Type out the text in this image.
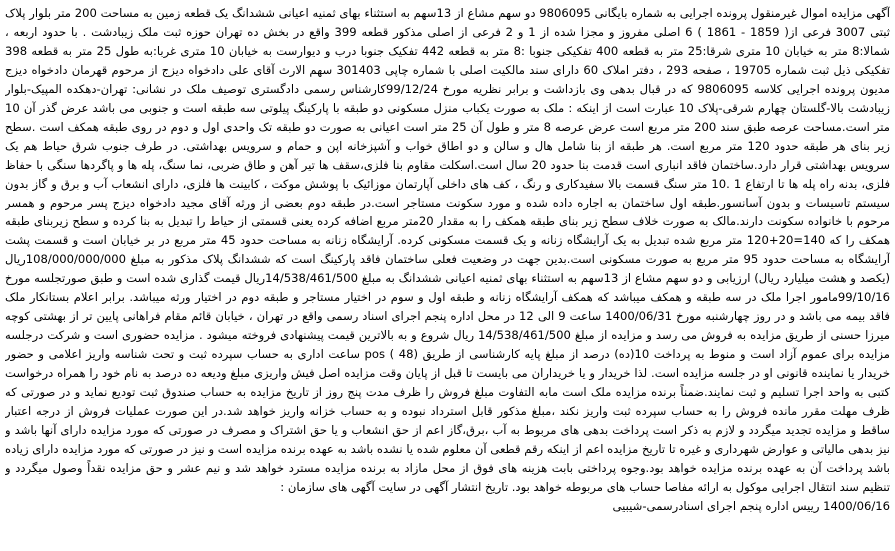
آگهی مزایده اموال غیرمنقول پرونده اجرایی به شماره بایگانی 9806095 دو سهم مشاع از 13سهم به استثناء بهای ثمنیه اعیانی ششدانگ یک قطعه زمین به مساحت 200 متر بلوار پلاک ثبتی 3007 فرعی از( 1859 - 1861 ) 6 اصلی مفروز و مجزا شده از 1 و 2 فرعی از اصلی مذکور قطعه 399 واقع در بخش ده تهران حوزه ثبت ملک زیبادشت . با حدود اربعه ، شمالا:8 متر به خیابان 10 متری شرقا:25 متر به قطعه 400 تفکیکی جنوبا :8 متر به قطعه 442 تفکیک جنوبا درب و دیوارست به خیابان 10 متری غربا:به طول 25 متر به قطعه 398 تفکیکی ذیل ثبت شماره 19705 ، صفحه 293 ، دفتر املاک 60 دارای سند مالکیت اصلی با شماره چاپی 301403 سهم الارث آقای علی دادخواه دیزج از مرحوم قهرمان دادخواه دیزج مدیون پرونده اجرایی کلاسه 9806095 که در قبال بدهی وی بازداشت و برابر نظریه مورخ 99/12/24کارشناس رسمی دادگستری توصیف ملک در نشانی: تهران-دهکده المپیک-بلوار زیبادشت بالا-گلستان چهارم شرقی-پلاک 10 عبارت است از اینکه : ملک به صورت یکباب منزل مسکونی دو طبقه با پارکینگ پیلوتی سه طبقه است و جنوبی می باشد عرض گذر آن 10 متر است.مساحت عرصه طبق سند 200 متر مربع است عرض عرصه 8 متر و طول آن 25 متر است اعیانی به صورت دو طبقه تک واحدی اول و دوم در روی طبقه همکف است .سطح زیر بنای هر طبقه حدود 120 متر مربع است. هر طبقه از بنا شامل هال و سالن و دو اطاق خواب و آشپزخانه اپن و حمام و سرویس بهداشتی. در طرف جنوب شرق حیاط هم یک سرویس بهداشتی قرار دارد.ساختمان فاقد انباری است قدمت بنا حدود 20 سال است.اسکلت مقاوم بنا فلزی،سقف ها تیر آهن و طاق ضربی، نما سنگ، پله ها و پاگردها سنگی با حفاظ فلزی، بدنه راه پله ها تا ارتفاع 1 .10 متر سنگ قسمت بالا سفیدکاری و رنگ ، کف های داخلی آپارتمان موزائیک با پوشش موکت ، کابینت ها فلزی، دارای انشعاب آب و برق و گاز بدون سیستم تاسیسات و بدون آسانسور.طبقه اول ساختمان به اجاره داده شده و مورد سکونت مستاجر است.در طبقه دوم بعضی از ورثه آقای مجید دادخواه دیزج پسر مرحوم و همسر مرحوم با خانواده سکونت دارند.مالک به صورت خلاف سطح زیر بنای طبقه همکف را به مقدار 20متر مربع اضافه کرده یعنی قسمتی از حیاط را تبدیل به بنا کرده و سطح زیربنای طبقه همکف را که 140=20+120 متر مربع شده تبدیل به یک آرایشگاه زنانه و یک قسمت مسکونی کرده. آرایشگاه زنانه به مساحت حدود 45 متر مربع در بر خیابان است و قسمت پشت آرایشگاه به مساحت حدود 95 متر مربع به صورت مسکونی است.بدین جهت در وضعیت فعلی ساختمان فاقد پارکینگ است که ششدانگ پلاک مذکور به مبلغ 108/000/000/000ریال (یکصد و هشت میلیارد ریال) ارزیابی و دو سهم مشاع از 13سهم به استثناء بهای ثمنیه اعیانی ششدانگ به مبلغ 14/538/461/500ریال قیمت گذاری شده است و طبق صورتجلسه مورخ 99/10/16مامور اجرا ملک در سه طبقه و همکف میباشد که همکف آرایشگاه زنانه و طبقه اول و سوم در اختیار مستاجر و طبقه دوم در اختیار ورثه میباشد. برابر اعلام بستانکار ملک فاقد بیمه می باشد و در روز چهارشنبه مورخ 1400/06/31 ساعت 9 الی 12 در محل اداره پنجم اجرای اسناد رسمی واقع در تهران ، خیابان قائم مقام فراهانی پایین تر از بهشتی کوچه میرزا حسنی از طریق مزایده به فروش می رسد و مزایده از مبلغ 14/538/461/500 ریال شروع و به بالاترین قیمت پیشنهادی فروخته میشود . مزایده حضوری است و شرکت درجلسه مزایده برای عموم آزاد است و منوط به پرداخت 10(ده) درصد از مبلغ پایه کارشناسی از طریق (48 ) pos ساعت اداری به حساب سپرده ثبت و تحت شناسه واریز اعلامی و حضور خریدار یا نماینده قانونی او در جلسه مزایده است. لذا خریدار و یا خریداران می بایست تا قبل از پایان وقت مزایده اصل فیش واریزی مبلغ ودیعه ده درصد به نام خود را همراه درخواست کتبی به واحد اجرا تسلیم و ثبت نمایند.ضمناً برنده مزایده ملک است مابه التفاوت مبلغ فروش را ظرف مدت پنج روز از تاریخ مزایده به حساب صندوق ثبت تودیع نماید و در صورتی که ظرف مهلت مقرر مانده فروش را به حساب سپرده ثبت واریز نکند ،مبلغ مذکور قابل استرداد نبوده و به حساب خزانه واریز خواهد شد.در این صورت عملیات فروش از درجه اعتبار ساقط و مزایده تجدید میگردد و لازم به ذکر است پرداخت بدهی های مربوط به آب ،برق،گاز اعم از حق انشعاب و یا حق اشتراک و مصرف در صورتی که مورد مزایده دارای آنها باشد و نیز بدهی مالیاتی و عوارض شهرداری و غیره تا تاریخ مزایده اعم از اینکه رقم قطعی آن معلوم شده یا نشده باشد به عهده برنده مزایده است و نیز در صورتی که مورد مزایده دارای زیاده باشد پرداخت آن به عهده برنده مزایده خواهد بود.وجوه پرداختی بابت هزینه های فوق از محل مازاد به برنده مزایده مسترد خواهد شد و نیم عشر و حق مزایده نقداً وصول میگردد و تنظیم سند انتقال اجرایی موکول به ارائه مفاصا حساب های مربوطه خواهد بود. تاریخ انتشار آگهی در سایت آگهی های سازمان :
1400/06/16 رییس اداره پنجم اجرای اسنادرسمی-شیبیی
